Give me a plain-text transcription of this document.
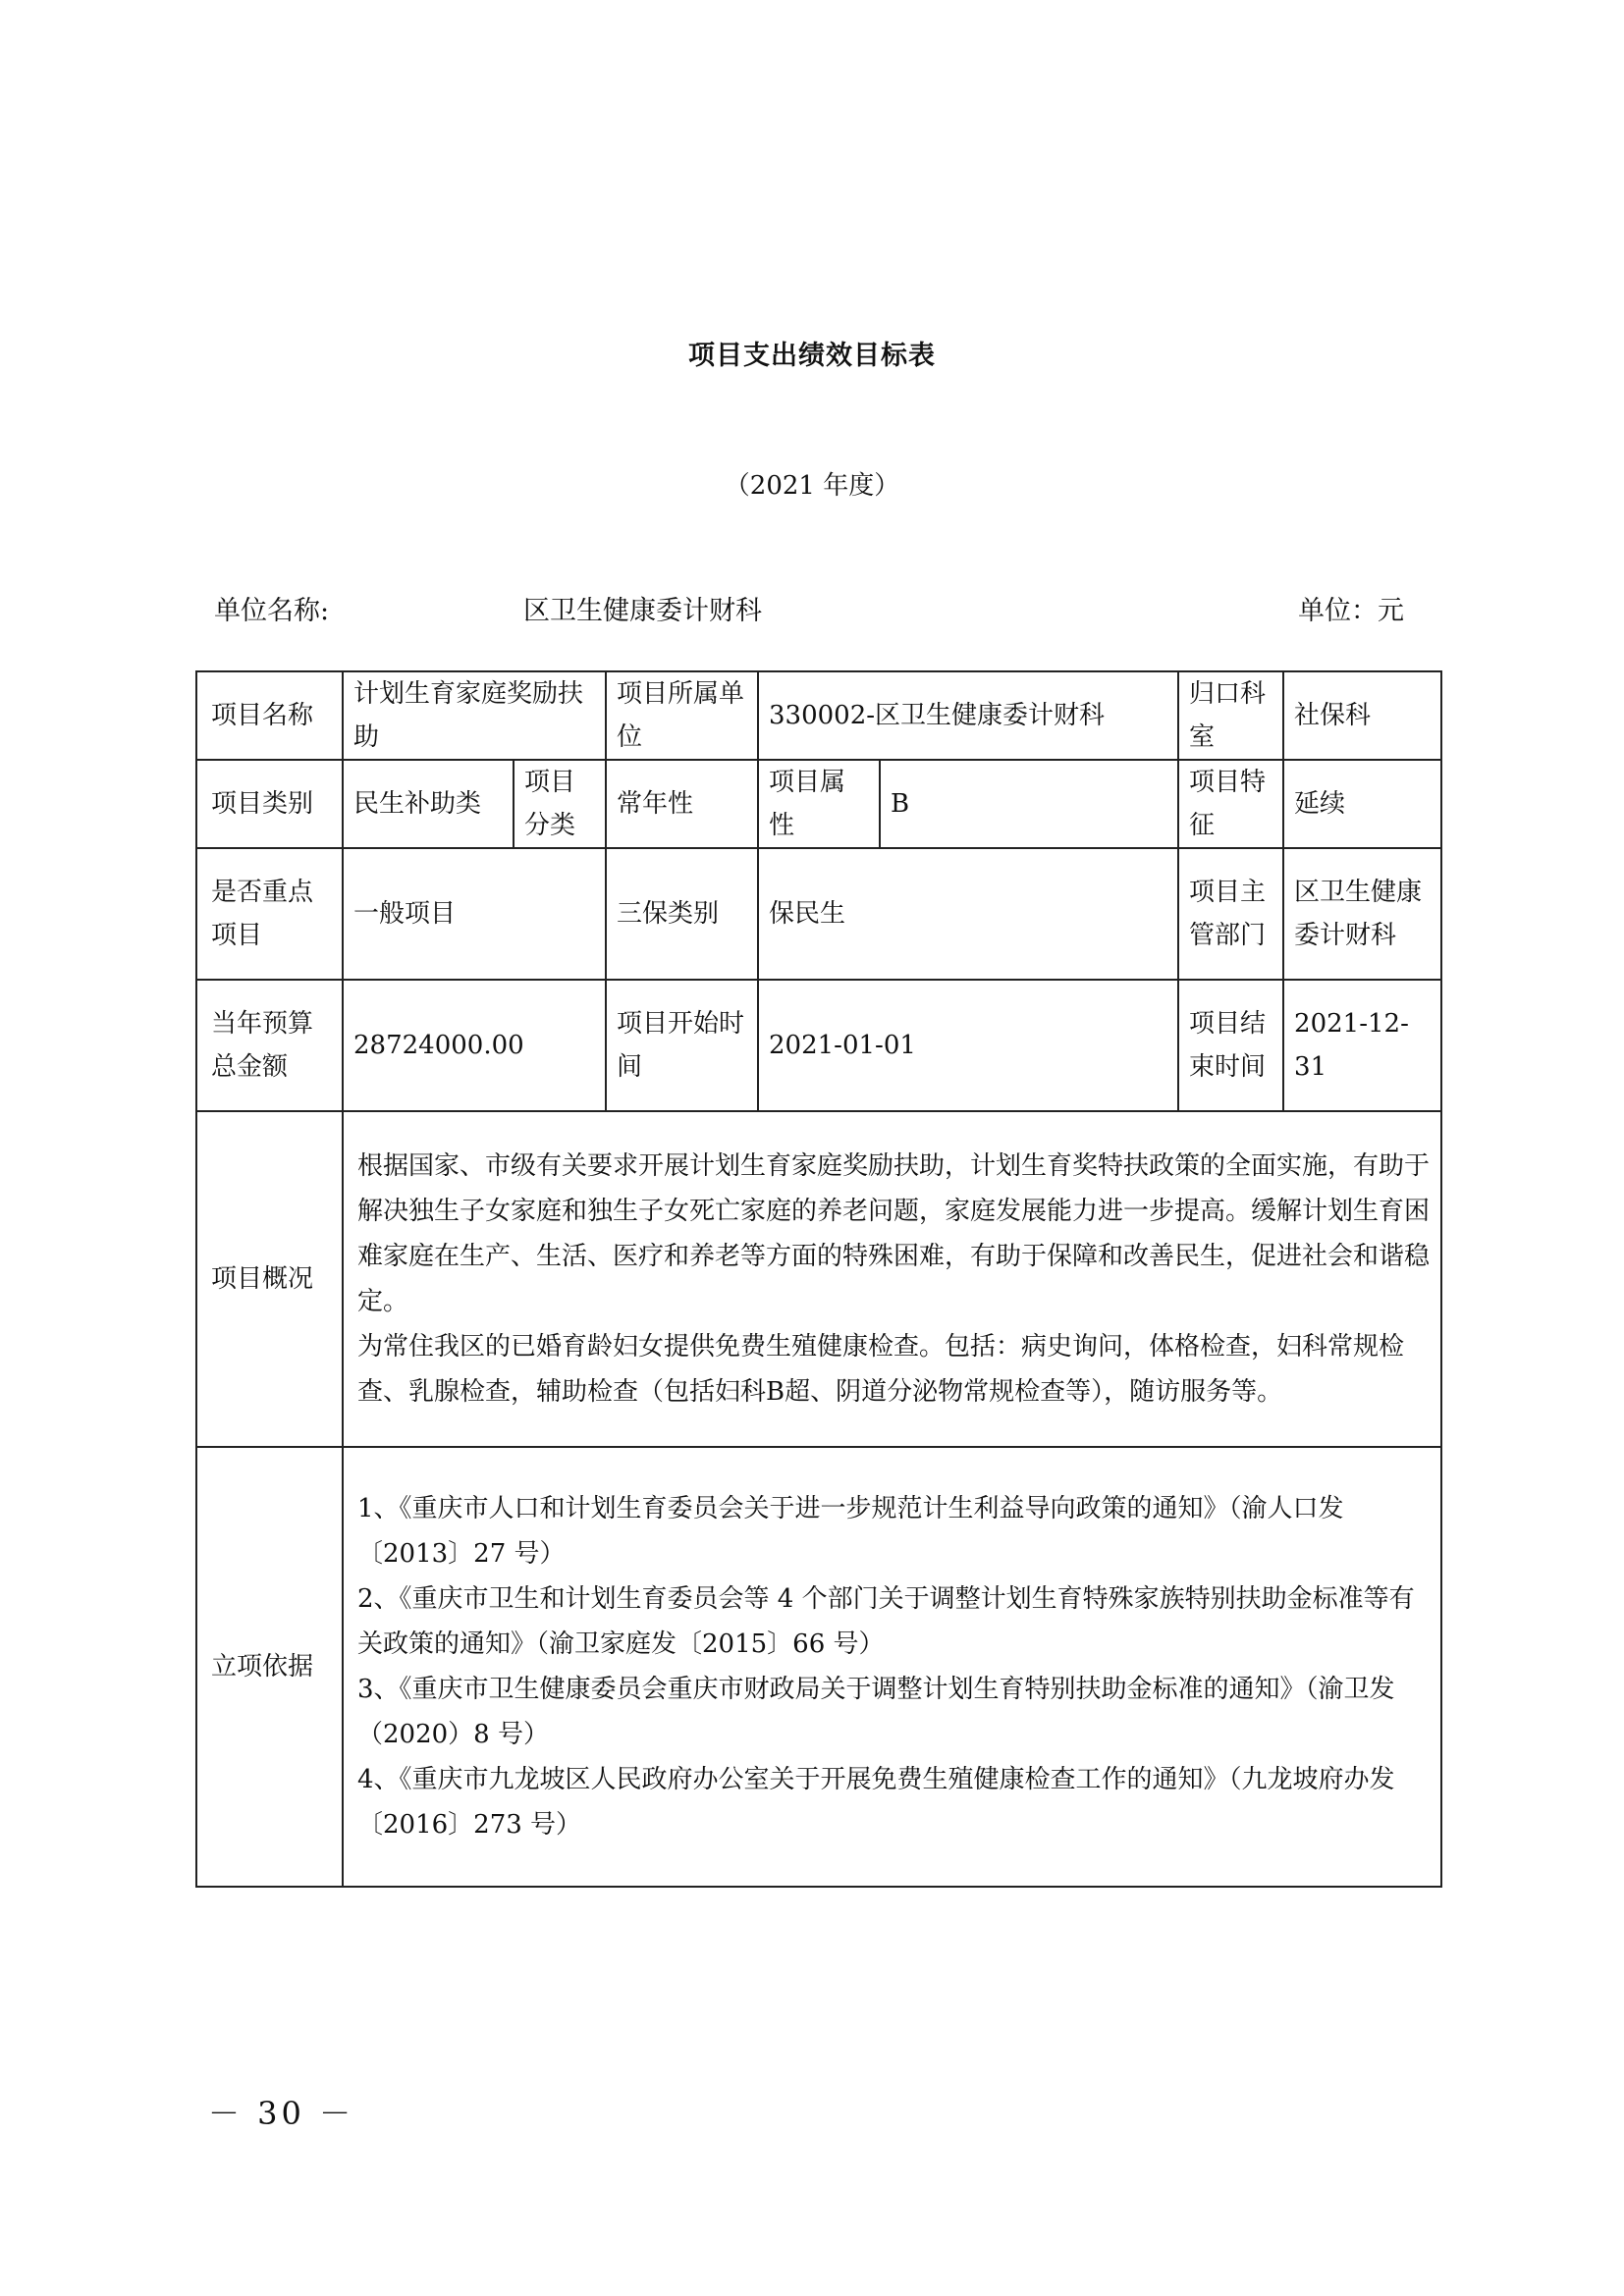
项目支出绩效目标表
（2021 年度）
单位名称:	区卫生健康委计财科	单位：元
项目名称	计划生育家庭奖励扶助		项目所属单位	330002-区卫生健康委计财科		归口科室	社保科
项目类别	民生补助类	项目分类	常年性	项目属性	B	项目特征	延续
是否重点项目	一般项目		三保类别	保民生		项目主管部门	区卫生健康委计财科
当年预算总金额	28724000.00		项目开始时间	2021-01-01		项目结束时间	2021-12-31
项目概况	根据国家、市级有关要求开展计划生育家庭奖励扶助，计划生育奖特扶政策的全面实施，有助于解决独生子女家庭和独生子女死亡家庭的养老问题，家庭发展能力进一步提高。缓解计划生育困难家庭在生产、生活、医疗和养老等方面的特殊困难，有助于保障和改善民生，促进社会和谐稳定。

为常住我区的已婚育龄妇女提供免费生殖健康检查。包括：病史询问，体格检查，妇科常规检查、乳腺检查，辅助检查（包括妇科B超、阴道分泌物常规检查等），随访服务等。						

立项依据	1、《重庆市人口和计划生育委员会关于进一步规范计生利益导向政策的通知》（渝人口发〔2013〕27 号）

2、《重庆市卫生和计划生育委员会等 4 个部门关于调整计划生育特殊家族特别扶助金标准等有关政策的通知》（渝卫家庭发〔2015〕66 号）

3、《重庆市卫生健康委员会重庆市财政局关于调整计划生育特别扶助金标准的通知》（渝卫发（2020）8 号）

4、《重庆市九龙坡区人民政府办公室关于开展免费生殖健康检查工作的通知》（九龙坡府办发〔2016〕273 号）						

－ 30 －
